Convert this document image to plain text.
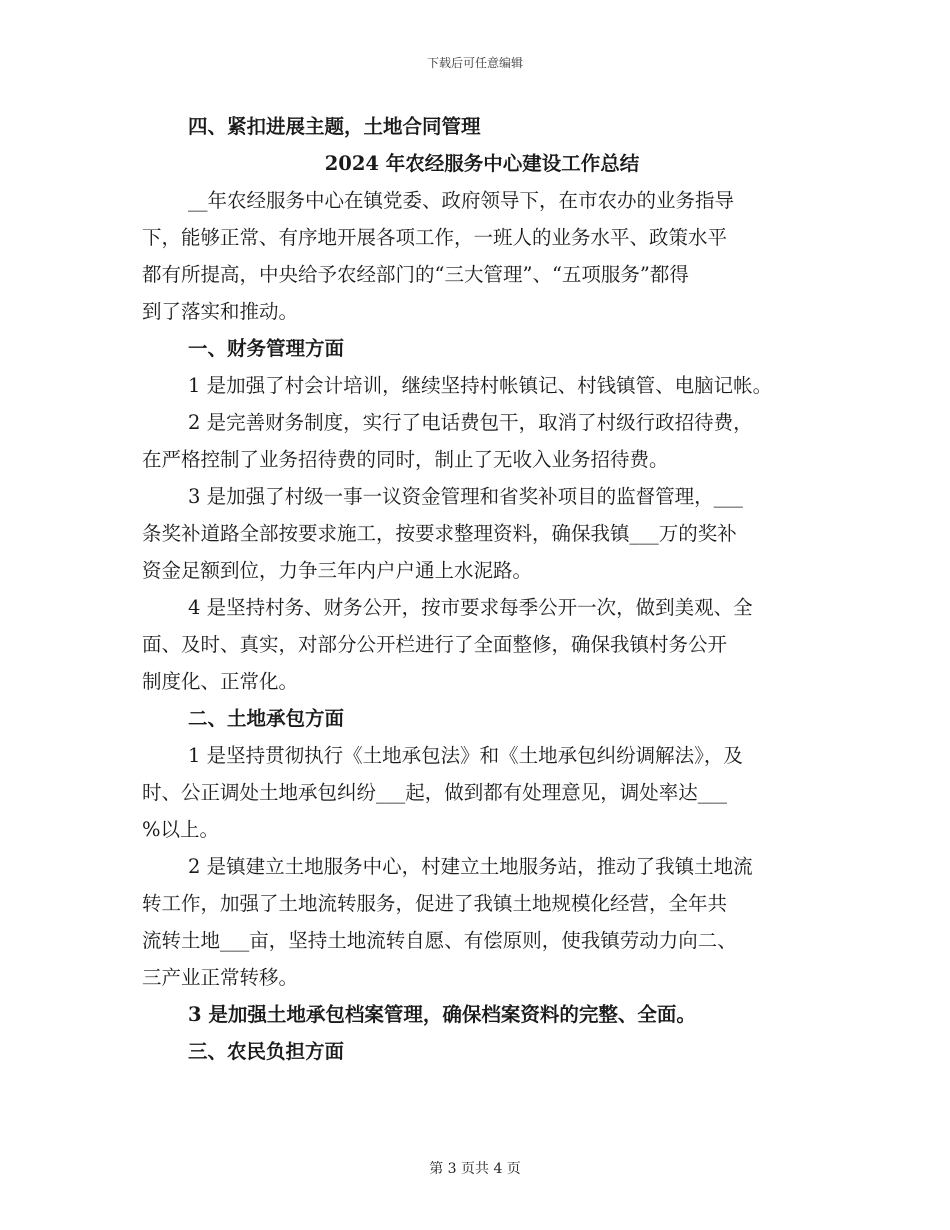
下载后可任意编辑
四、紧扣进展主题，土地合同管理
2024 年农经服务中心建设工作总结
__年农经服务中心在镇党委、政府领导下，在市农办的业务指导
下，能够正常、有序地开展各项工作，一班人的业务水平、政策水平
都有所提高，中央给予农经部门的“三大管理”、“五项服务”都得
到了落实和推动。
一、财务管理方面
1 是加强了村会计培训，继续坚持村帐镇记、村钱镇管、电脑记帐。
2 是完善财务制度，实行了电话费包干，取消了村级行政招待费，
在严格控制了业务招待费的同时，制止了无收入业务招待费。
3 是加强了村级一事一议资金管理和省奖补项目的监督管理，___
条奖补道路全部按要求施工，按要求整理资料，确保我镇___万的奖补
资金足额到位，力争三年内户户通上水泥路。
4 是坚持村务、财务公开，按市要求每季公开一次，做到美观、全
面、及时、真实，对部分公开栏进行了全面整修，确保我镇村务公开
制度化、正常化。
二、土地承包方面
1 是坚持贯彻执行《土地承包法》和《土地承包纠纷调解法》，及
时、公正调处土地承包纠纷___起，做到都有处理意见，调处率达___
%以上。
2 是镇建立土地服务中心，村建立土地服务站，推动了我镇土地流
转工作，加强了土地流转服务，促进了我镇土地规模化经营，全年共
流转土地___亩，坚持土地流转自愿、有偿原则，使我镇劳动力向二、
三产业正常转移。
3 是加强土地承包档案管理，确保档案资料的完整、全面。
三、农民负担方面
第 3 页共 4 页
